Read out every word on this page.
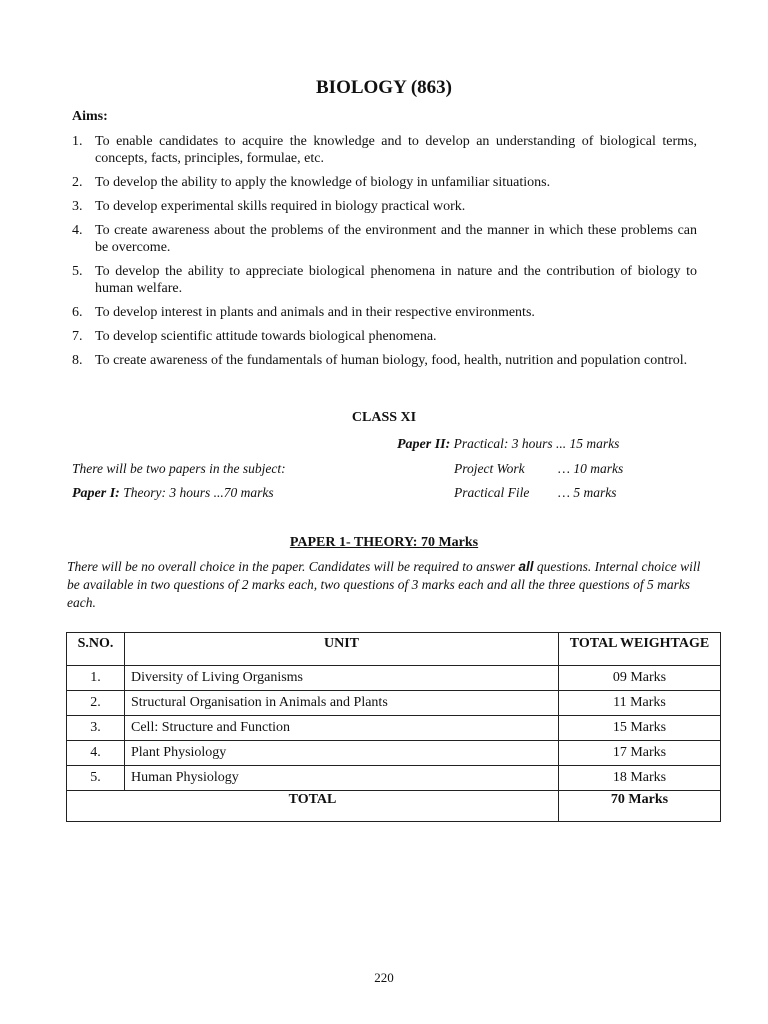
BIOLOGY (863)
Aims:
1. To enable candidates to acquire the knowledge and to develop an understanding of biological terms, concepts, facts, principles, formulae, etc.
2. To develop the ability to apply the knowledge of biology in unfamiliar situations.
3. To develop experimental skills required in biology practical work.
4. To create awareness about the problems of the environment and the manner in which these problems can be overcome.
5. To develop the ability to appreciate biological phenomena in nature and the contribution of biology to human welfare.
6. To develop interest in plants and animals and in their respective environments.
7. To develop scientific attitude towards biological phenomena.
8. To create awareness of the fundamentals of human biology, food, health, nutrition and population control.
CLASS XI
Paper II: Practical: 3 hours ... 15 marks
There will be two papers in the subject:	Project Work … 10 marks
Paper I: Theory: 3 hours ...70 marks	Practical File … 5 marks
PAPER 1- THEORY: 70 Marks

There will be no overall choice in the paper. Candidates will be required to answer all questions. Internal choice will be available in two questions of 2 marks each, two questions of 3 marks each and all the three questions of 5 marks each.

S.NO.	UNIT	TOTAL WEIGHTAGE
1.	Diversity of Living Organisms	09 Marks
2.	Structural Organisation in Animals and Plants	11 Marks
3.	Cell: Structure and Function	15 Marks
4.	Plant Physiology	17 Marks
5.	Human Physiology	18 Marks
TOTAL		70 Marks
220
